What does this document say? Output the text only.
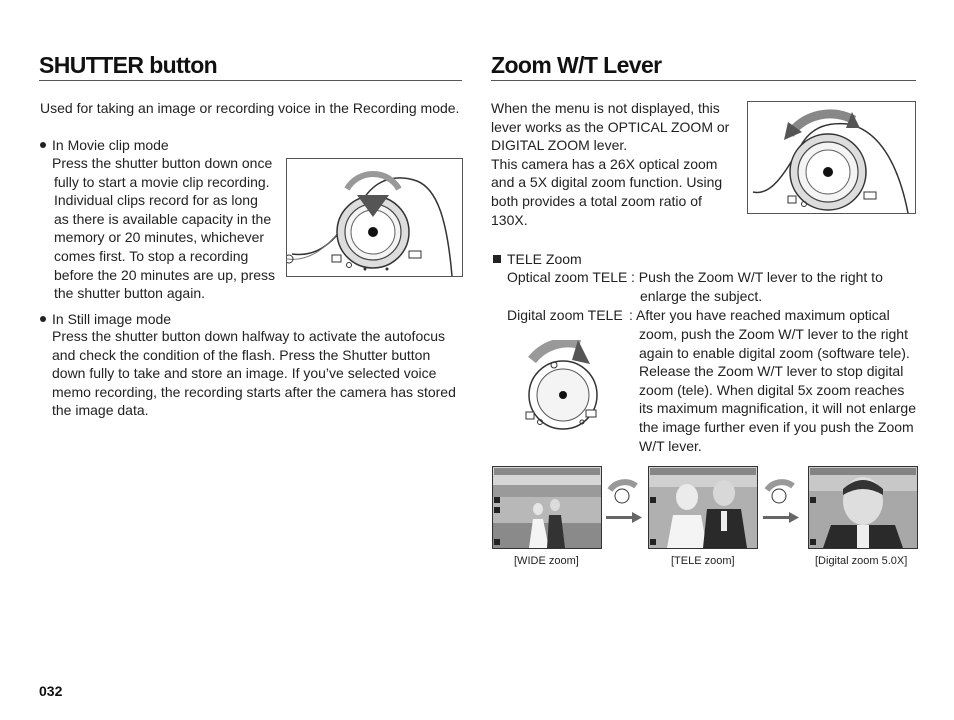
SHUTTER button

Used for taking an image or recording voice in the Recording mode.

In Movie clip mode

Press the shutter button down once

fully to start a movie clip recording.

Individual clips record for as long

as there is available capacity in the

memory or 20 minutes, whichever

comes first. To stop a recording

before the 20 minutes are up, press

the shutter button again.

In Still image mode

Press the shutter button down halfway to activate the autofocus

and check the condition of the flash. Press the Shutter button

down fully to take and store an image. If you’ve selected voice

memo recording, the recording starts after the camera has stored

the image data.

Zoom W/T Lever

When the menu is not displayed, this

lever works as the OPTICAL ZOOM or

DIGITAL ZOOM lever.

This camera has a 26X optical zoom

and a 5X digital zoom function. Using

both provides a total zoom ratio of

130X.

TELE Zoom

Optical zoom TELE : Push the Zoom W/T lever to the right to

enlarge the subject.

Digital zoom TELE : After you have reached maximum optical

zoom, push the Zoom W/T lever to the right

again to enable digital zoom (software tele).

Release the Zoom W/T lever to stop digital

zoom (tele). When digital 5x zoom reaches

its maximum magnification, it will not enlarge

the image further even if you push the Zoom

W/T lever.

[WIDE zoom]	[TELE zoom]	[Digital zoom 5.0X]
032
